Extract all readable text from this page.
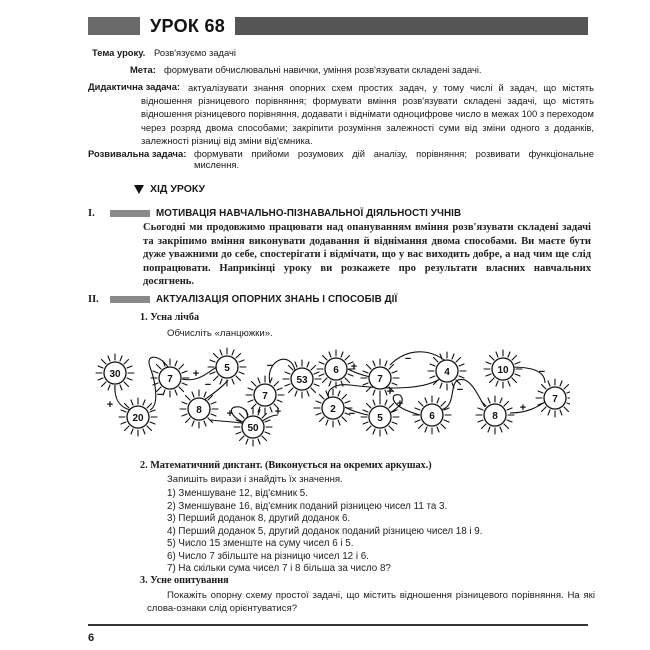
УРОК 68
Тема уроку. Розв'язуємо задачі
Мета: формувати обчислювальні навички, уміння розв'язувати складені задачі.
Дидактична задача: актуалізувати знання опорних схем простих задач, у тому числі й задач, що містять відношення різницевого порівняння; формувати вміння розв'язувати складені задачі, що містять відношення різницевого порівняння, додавати і віднімати одноцифрове число в межах 100 з переходом через розряд двома способами; закріпити розуміння залежності суми від зміни одного з доданків, залежності різниці від зміни від'ємника.
Розвивальна задача: формувати прийоми розумових дій аналізу, порівняння; розвивати функціональне мислення.
ХІД УРОКУ
I.	МОТИВАЦІЯ НАВЧАЛЬНО-ПІЗНАВАЛЬНОЇ ДІЯЛЬНОСТІ УЧНІВ
Сьогодні ми продовжимо працювати над опануванням вміння розв'язувати складені задачі та закріпимо вміння виконувати додавання й віднімання двома способами. Ви маєте бути дуже уважними до себе, спостерігати і відмічати, що у вас виходить добре, а над чим ще слід попрацювати. Наприкінці уроку ви розкажете про результати власних навчальних досягнень.
II.	АКТУАЛІЗАЦІЯ ОПОРНИХ ЗНАНЬ І СПОСОБІВ ДІЇ
1. Усна лічба
Обчисліть «ланцюжки».
30
20
7
5
8
50
7
53
6
7
4
2
5	6	8
7
10
+
−
+
−
+	+
−	+
−
+
−
+
−
+
−
2. Математичний диктант. (Виконується на окремих аркушах.)
Запишіть вирази і знайдіть їх значення.
1) Зменшуване 12, від'ємник 5.
2) Зменшуване 16, від'ємник поданий різницею чисел 11 та 3.
3) Перший доданок 8, другий доданок 6.
4) Перший доданок 5, другий доданок поданий різницею чисел 18 і 9.
5) Число 15 зменште на суму чисел 6 і 5.
6) Число 7 збільште на різницю чисел 12 і 6.
7) На скільки сума чисел 7 і 8 більша за число 8?
3. Усне опитування
Покажіть опорну схему простої задачі, що містить відношення різницевого порівняння. На які слова-ознаки слід орієнтуватися?
6
